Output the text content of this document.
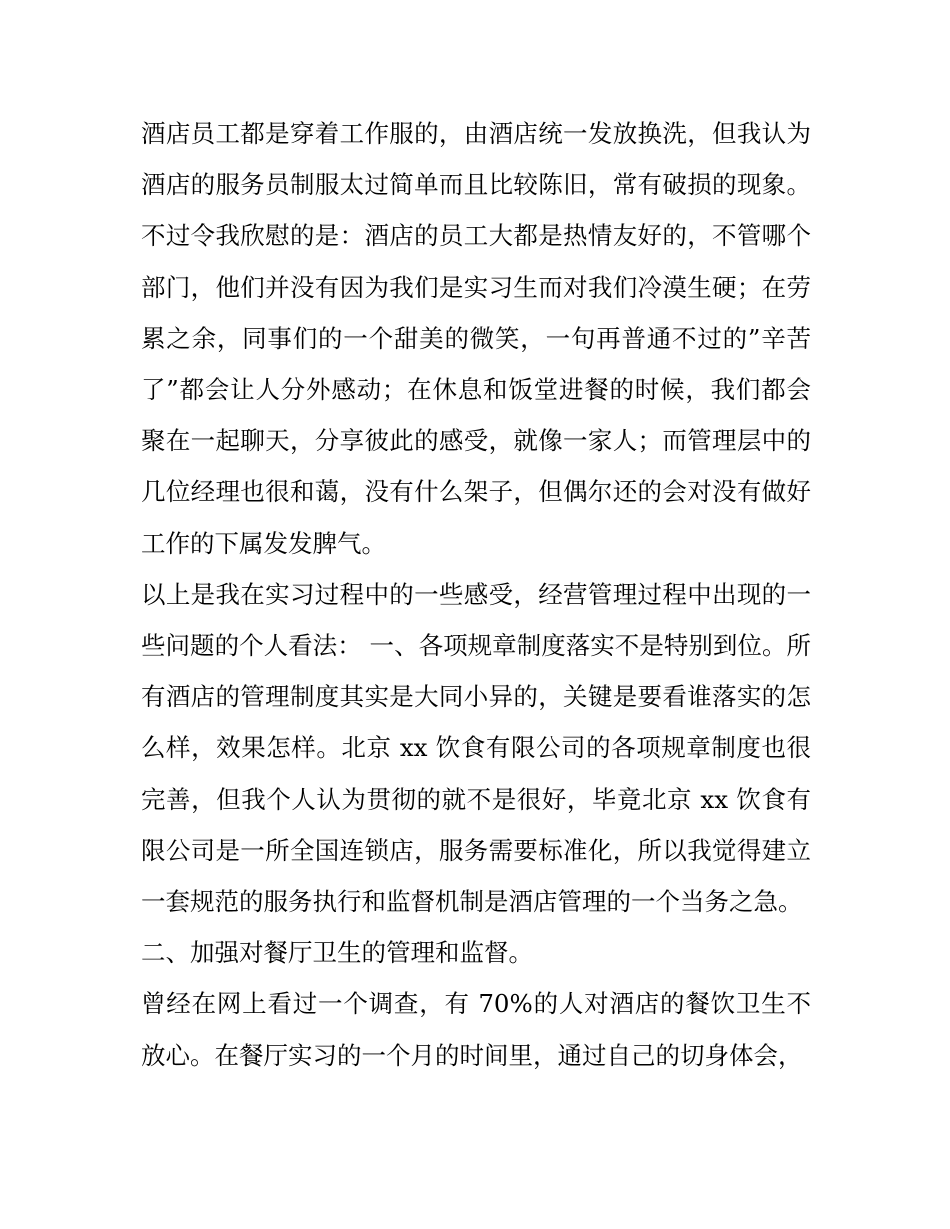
酒店员工都是穿着工作服的，由酒店统一发放换洗，但我认为酒店的服务员制服太过简单而且比较陈旧，常有破损的现象。不过令我欣慰的是：酒店的员工大都是热情友好的，不管哪个部门，他们并没有因为我们是实习生而对我们冷漠生硬；在劳累之余，同事们的一个甜美的微笑，一句再普通不过的”辛苦了”都会让人分外感动；在休息和饭堂进餐的时候，我们都会聚在一起聊天，分享彼此的感受，就像一家人；而管理层中的几位经理也很和蔼，没有什么架子，但偶尔还的会对没有做好工作的下属发发脾气。

以上是我在实习过程中的一些感受，经营管理过程中出现的一些问题的个人看法： 一、各项规章制度落实不是特别到位。所有酒店的管理制度其实是大同小异的，关键是要看谁落实的怎么样，效果怎样。北京 xx 饮食有限公司的各项规章制度也很完善，但我个人认为贯彻的就不是很好，毕竟北京 xx 饮食有限公司是一所全国连锁店，服务需要标准化，所以我觉得建立一套规范的服务执行和监督机制是酒店管理的一个当务之急。

二、加强对餐厅卫生的管理和监督。

曾经在网上看过一个调查，有 70%的人对酒店的餐饮卫生不放心。在餐厅实习的一个月的时间里，通过自己的切身体会，
